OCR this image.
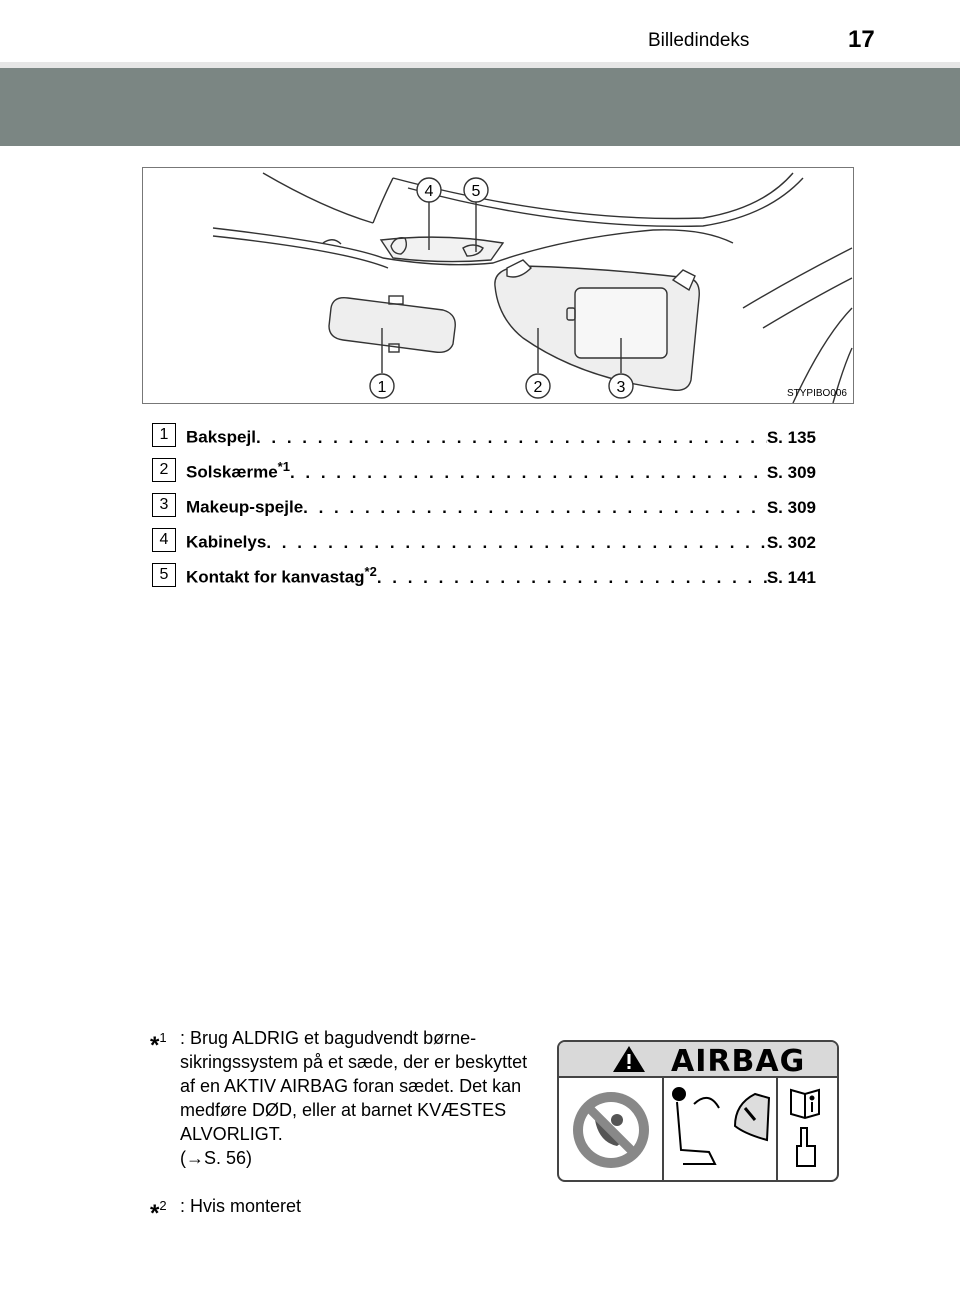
Billedindeks	17
1	2	3
4 5
STYPIBO006
1	Bakspejl . . .	S. 135
2	Solskærme$^{*1}$ . . .	S. 309
3	Makeup-spejle . . .	S. 309
4	Kabinelys . . .	S. 302
5	Kontakt for kanvastag$^{*2}$ . . .	S. 141
*$^1$ : Brug ALDRIG et bagudvendt børne-sikringssystem på et sæde, der er beskyttet af en AKTIV AIRBAG foran sædet. Det kan medføre DØD, eller at barnet KVÆSTES ALVORLIGT.
(→S. 56)
*$^2$ : Hvis monteret
AIRBAG
